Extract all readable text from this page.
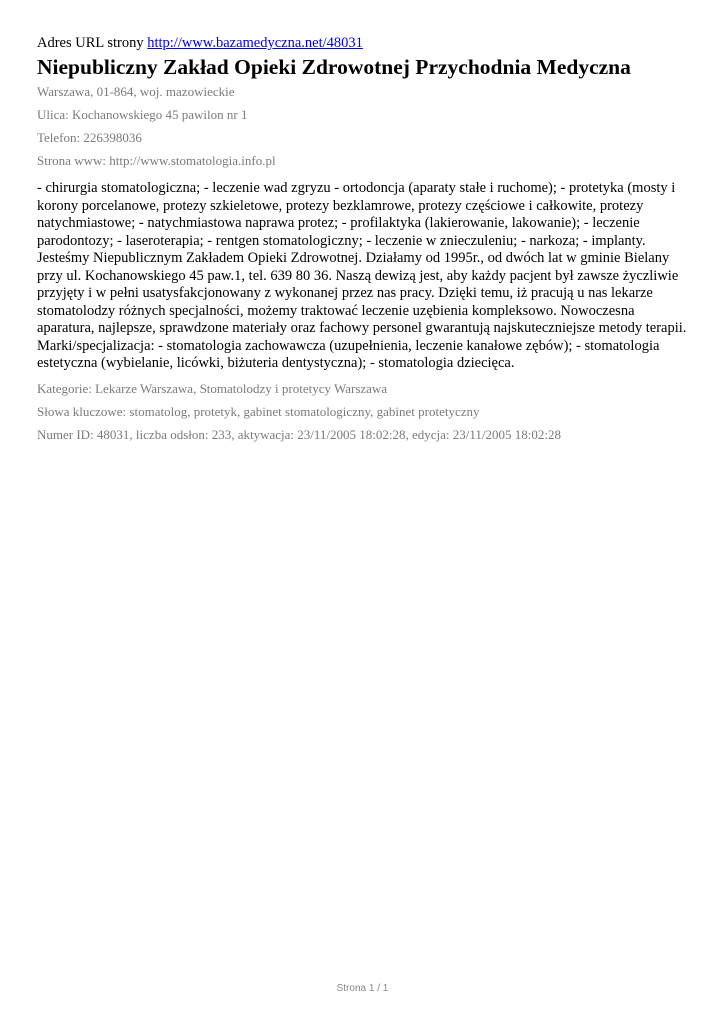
Adres URL strony http://www.bazamedyczna.net/48031

Niepubliczny Zakład Opieki Zdrowotnej Przychodnia Medyczna

Warszawa, 01-864, woj. mazowieckie

Ulica: Kochanowskiego 45 pawilon nr 1

Telefon: 226398036

Strona www: http://www.stomatologia.info.pl

- chirurgia stomatologiczna; - leczenie wad zgryzu - ortodoncja (aparaty stałe i ruchome); - protetyka (mosty i korony porcelanowe, protezy szkieletowe, protezy bezklamrowe, protezy częściowe i całkowite, protezy natychmiastowe; - natychmiastowa naprawa protez; - profilaktyka (lakierowanie, lakowanie); - leczenie parodontozy; - laseroterapia; - rentgen stomatologiczny; - leczenie w znieczuleniu; - narkoza; - implanty. Jesteśmy Niepublicznym Zakładem Opieki Zdrowotnej. Działamy od 1995r., od dwóch lat w gminie Bielany przy ul. Kochanowskiego 45 paw.1, tel. 639 80 36. Naszą dewizą jest, aby każdy pacjent był zawsze życzliwie przyjęty i w pełni usatysfakcjonowany z wykonanej przez nas pracy. Dzięki temu, iż pracują u nas lekarze stomatolodzy różnych specjalności, możemy traktować leczenie uzębienia kompleksowo. Nowoczesna aparatura, najlepsze, sprawdzone materiały oraz fachowy personel gwarantują najskuteczniejsze metody terapii. Marki/specjalizacja: - stomatologia zachowawcza (uzupełnienia, leczenie kanałowe zębów); - stomatologia estetyczna (wybielanie, licówki, biżuteria dentystyczna); - stomatologia dziecięca.

Kategorie: Lekarze Warszawa, Stomatolodzy i protetycy Warszawa

Słowa kluczowe: stomatolog, protetyk, gabinet stomatologiczny, gabinet protetyczny

Numer ID: 48031, liczba odsłon: 233, aktywacja: 23/11/2005 18:02:28, edycja: 23/11/2005 18:02:28

Strona 1 / 1
